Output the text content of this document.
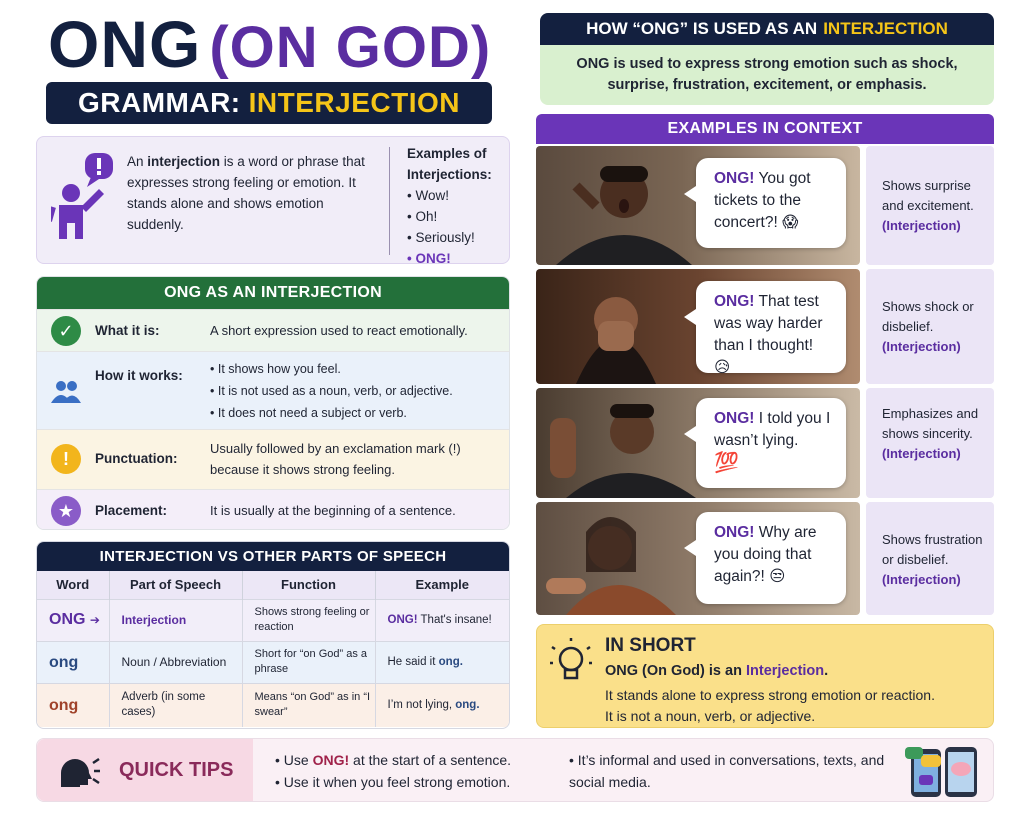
ONG (ON GOD)
GRAMMAR: INTERJECTION
An interjection is a word or phrase that expresses strong feeling or emotion. It stands alone and shows emotion suddenly.
Examples of Interjections:
• Wow!
• Oh!
• Seriously!
• ONG!
ONG AS AN INTERJECTION
✓	What it is:	A short expression used to react emotionally.
How it works: • It shows how you feel.
• It is not used as a noun, verb, or adjective.
• It does not need a subject or verb.
!	Punctuation:
Usually followed by an exclamation mark (!) because it shows strong feeling.
★	Placement:	It is usually at the beginning of a sentence.
INTERJECTION VS OTHER PARTS OF SPEECH
Word	Part of Speech	Function	Example
ONG ➔	Interjection	Shows strong feeling or reaction	ONG! That's insane!
ong	Noun / Abbreviation	Short for “on God” as a phrase	He said it ong.
ong	Adverb (in some cases)	Means “on God” as in “I swear”	I’m not lying, ong.
HOW “ONG” IS USED AS AN INTERJECTION
ONG is used to express strong emotion such as shock, surprise, frustration, excitement, or emphasis.
EXAMPLES IN CONTEXT
ONG! You got tickets to the concert?! 😱
Shows surprise and excitement.
(Interjection)
ONG! That test was way harder than I thought! 😥
Shows shock or disbelief.
(Interjection)
ONG! I told you I wasn’t lying.
💯
Emphasizes and shows sincerity.
(Interjection)
ONG! Why are you doing that again?! 😒
Shows frustration or disbelief.
(Interjection)
IN SHORT
ONG (On God) is an Interjection.
It stands alone to express strong emotion or reaction.
It is not a noun, verb, or adjective.
QUICK TIPS	• Use ONG! at the start of a sentence.
• Use it when you feel strong emotion.
• It’s informal and used in conversations, texts, and social media.
